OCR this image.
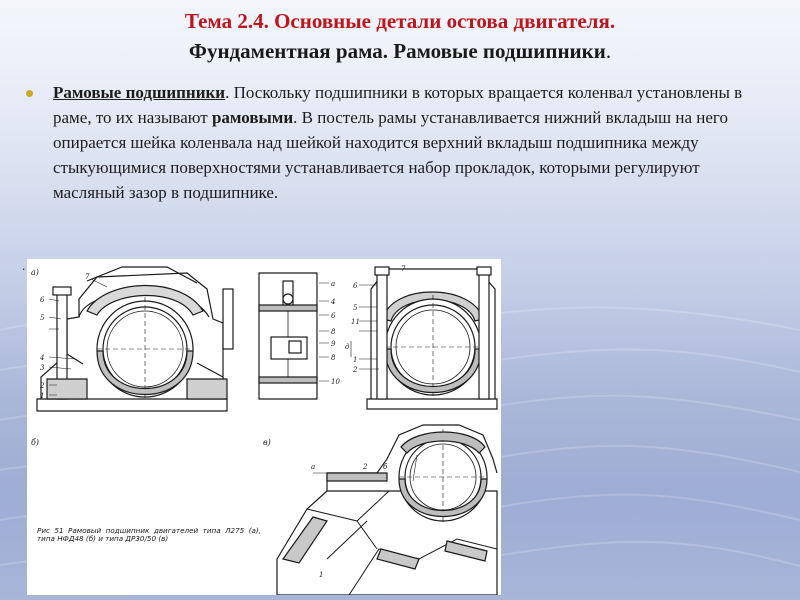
Тема 2.4. Основные детали остова двигателя.
Фундаментная рама. Рамовые подшипники.
Рамовые подшипники. Поскольку подшипники в которых вращается коленвал установлены в раме, то их называют рамовыми. В постель рамы устанавливается нижний вкладыш на него опирается шейка коленвала над шейкой находится верхний вкладыш подшипника между стыкующимися поверхностями устанавливается набор прокладок, которыми регулируют масляный зазор в подшипнике.
. а)	7
6
5
4
3
2
1
а
4
6
8
9
8
10
7
6
5
11
1
2
д
в)
а	2 б
1
б)
Рис 51 Рамовый подшипник двигателей типа Л275 (а), типа НФД48 (б) и типа ДР30/50 (в)
